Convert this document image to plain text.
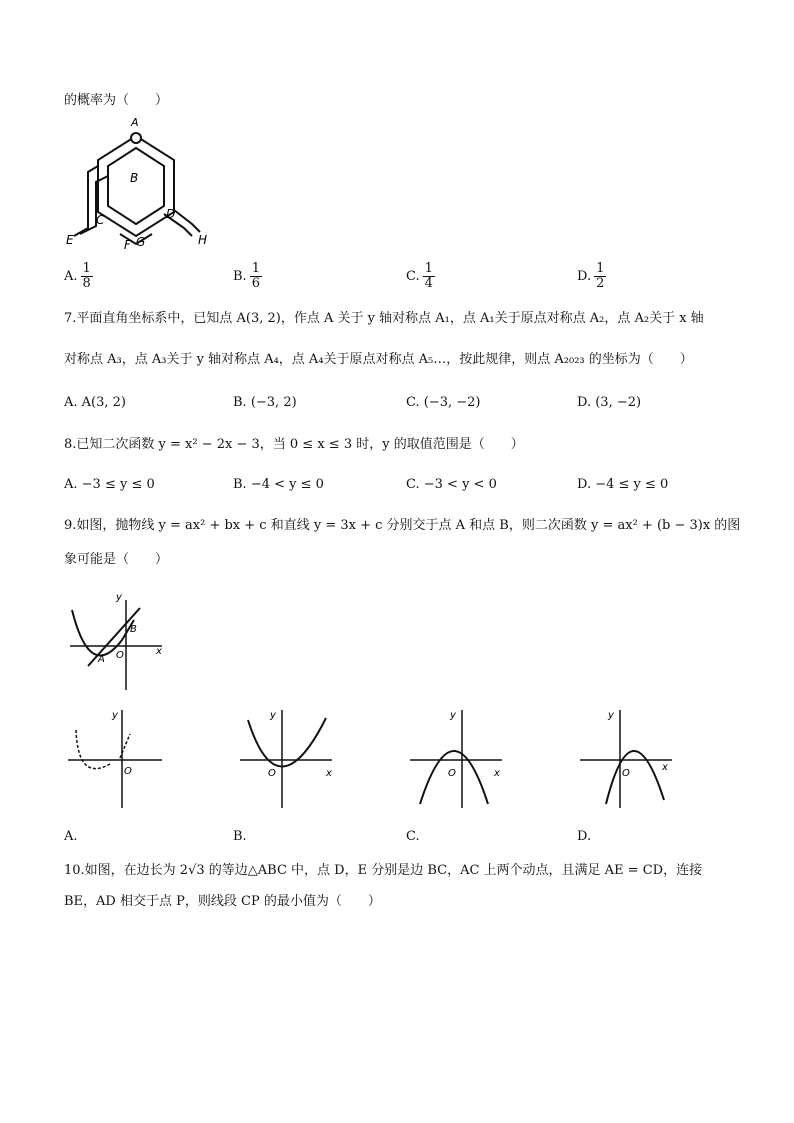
的概率为（　　）
A
B
C	D
E	F G	H
A. $\frac{1}{8}$	B. $\frac{1}{6}$	C. $\frac{1}{4}$	D. $\frac{1}{2}$
7.平面直角坐标系中，已知点 A(3, 2)，作点 A 关于 y 轴对称点 A₁，点 A₁关于原点对称点 A₂，点 A₂关于 x 轴
对称点 A₃，点 A₃关于 y 轴对称点 A₄，点 A₄关于原点对称点 A₅…，按此规律，则点 A₂₀₂₃ 的坐标为（　　）
A. A(3, 2)	B. (−3, 2)	C. (−3, −2)	D. (3, −2)
8.已知二次函数 y = x² − 2x − 3，当 0 ≤ x ≤ 3 时，y 的取值范围是（　　）
A. −3 ≤ y ≤ 0	B. −4 < y ≤ 0	C. −3 < y < 0	D. −4 ≤ y ≤ 0
9.如图，抛物线 y = ax² + bx + c 和直线 y = 3x + c 分别交于点 A 和点 B，则二次函数 y = ax² + (b − 3)x 的图
象可能是（　　）
y
x
O
A
B
y
O
y
x
O
y
x
O
y
x
O
A.	B.	C.	D.
10.如图，在边长为 2√3 的等边△ABC 中，点 D，E 分别是边 BC，AC 上两个动点，且满足 AE = CD，连接
BE，AD 相交于点 P，则线段 CP 的最小值为（　　）
